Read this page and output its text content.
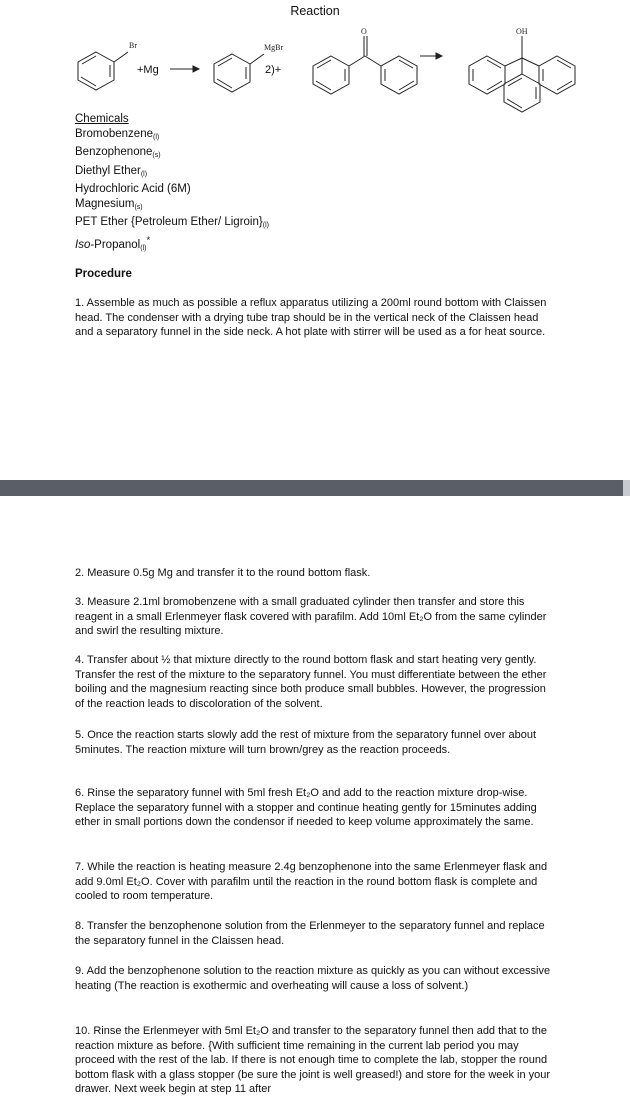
Reaction
Br	MgBr
O	OH
+Mg	2)+
Chemicals
Bromobenzene$_{(l)}$
Benzophenone$_{(s)}$
Diethyl Ether$_{(l)}$
Hydrochloric Acid (6M)
Magnesium$_{(s)}$
PET Ether {Petroleum Ether/ $Ligroin\}_{(l)}$
Iso-Propanol$_{(l)}$*
Procedure
1. Assemble as much as possible a reflux apparatus utilizing a 200ml round bottom with Claissen head. The condenser with a drying tube trap should be in the vertical neck of the Claissen head and a separatory funnel in the side neck. A hot plate with stirrer will be used as a for heat source.
2. Measure 0.5g Mg and transfer it to the round bottom flask.
3. Measure 2.1ml bromobenzene with a small graduated cylinder then transfer and store this reagent in a small Erlenmeyer flask covered with parafilm. Add 10ml Et₂O from the same cylinder and swirl the resulting mixture.
4. Transfer about ½ that mixture directly to the round bottom flask and start heating very gently. Transfer the rest of the mixture to the separatory funnel. You must differentiate between the ether boiling and the magnesium reacting since both produce small bubbles. However, the progression of the reaction leads to discoloration of the solvent.
5. Once the reaction starts slowly add the rest of mixture from the separatory funnel over about 5minutes. The reaction mixture will turn brown/grey as the reaction proceeds.
6. Rinse the separatory funnel with 5ml fresh Et₂O and add to the reaction mixture drop-wise. Replace the separatory funnel with a stopper and continue heating gently for 15minutes adding ether in small portions down the condensor if needed to keep volume approximately the same.
7. While the reaction is heating measure 2.4g benzophenone into the same Erlenmeyer flask and add 9.0ml Et₂O. Cover with parafilm until the reaction in the round bottom flask is complete and cooled to room temperature.
8. Transfer the benzophenone solution from the Erlenmeyer to the separatory funnel and replace the separatory funnel in the Claissen head.
9. Add the benzophenone solution to the reaction mixture as quickly as you can without excessive heating (The reaction is exothermic and overheating will cause a loss of solvent.)
10. Rinse the Erlenmeyer with 5ml Et₂O and transfer to the separatory funnel then add that to the reaction mixture as before. {With sufficient time remaining in the current lab period you may proceed with the rest of the lab. If there is not enough time to complete the lab, stopper the round bottom flask with a glass stopper (be sure the joint is well greased!) and store for the week in your drawer. Next week begin at step 11 after
